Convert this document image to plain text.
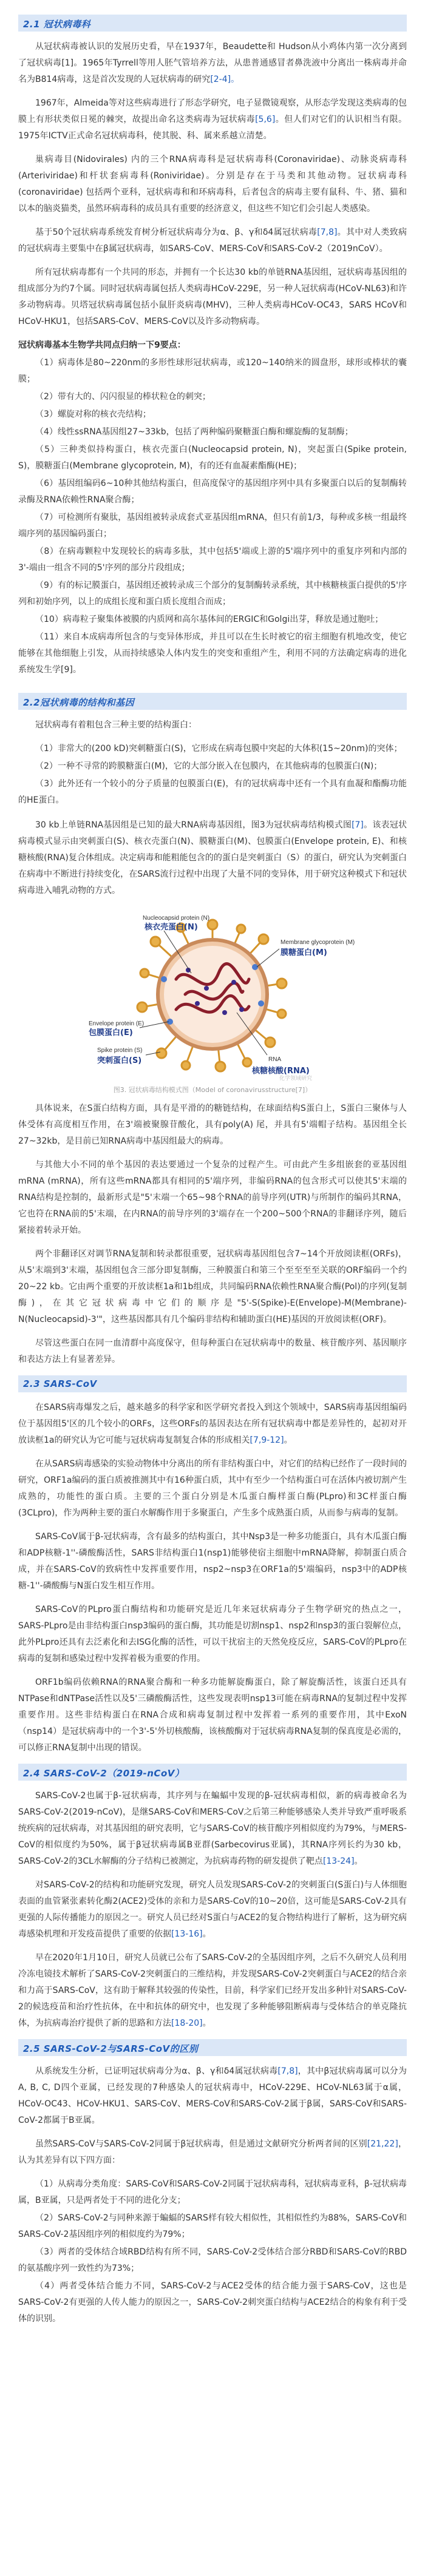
2.1 冠状病毒科

从冠状病毒被认识的发展历史看，早在1937年，Beaudette和 Hudson从小鸡体内第一次分离到了冠状病毒[1]。1965年Tyrrell等用人胚气管培养方法，从患普通感冒者鼻洗液中分离出一株病毒并命名为B814病毒，这是首次发现的人冠状病毒的研究[2-4]。

1967年，Almeida等对这些病毒进行了形态学研究，电子显微镜观察，从形态学发现这类病毒的包膜上有形状类似日冕的棘突，故提出命名这类病毒为冠状病毒[5,6]。但人们对它们的认识相当有限。1975年ICTV正式命名冠状病毒科，使其脱、科、属来系越立清楚。

巢病毒目(Nidovirales) 内的三个RNA病毒科是冠状病毒科(Coronaviridae)、动脉炎病毒科(Arteriviridae)和杆状套病毒科(Roniviridae)。分别是存在于马类和其他动物。冠状病毒科(coronaviridae) 包括两个亚科，冠状病毒和和环病毒科，后者包含的病毒主要有鼠科、牛、猪、猫和以本的脑炎猫类，虽然环病毒科的成员具有重要的经济意义，但这些不知它们会引起人类感染。

基于50个冠状病毒系统发育树分析冠状病毒分为α、β、γ和δ4属冠状病毒[7,8]。其中对人类致病的冠状病毒主要集中在β属冠状病毒，如SARS-CoV、MERS-CoV和SARS-CoV-2（2019nCoV）。

所有冠状病毒都有一个共同的形态，并拥有一个长达30 kb的单链RNA基因组，冠状病毒基因组的组成部分为约7个属。同时冠状病毒属包括人类病毒HCoV-229E，另一种人冠状病毒(HCoV-NL63)和许多动物病毒。贝塔冠状病毒属包括小鼠肝炎病毒(MHV)，三种人类病毒HCoV-OC43，SARS HCoV和HCoV-HKU1，包括SARS-CoV、MERS-CoV以及许多动物病毒。

冠状病毒基本生物学共同点归纳一下9要点：

（1）病毒体是80~220nm的多形性球形冠状病毒，或120~140纳米的圆盘形，球形或棒状的囊膜；

（2）带有大的、闪闪很显的棒状粒仓的刺突；

（3）螺旋对称的核衣壳结构；

（4）线性ssRNA基因组27~33kb，包括了两种编码聚糖蛋白酶和螺旋酶的复制酶；

（5）三种类似持构蛋白，核衣壳蛋白(Nucleocapsid protein, N)，突起蛋白(Spike protein, S)，膜糖蛋白(Membrane glycoprotein, M)，有的还有血凝素酯酶(HE)；

（6）基因组编码6~10种其他结构蛋白，但高度保守的基因组序列中具有多聚蛋白以后的复制酶转录酶及RNA依赖性RNA聚合酶；

（7）可检测所有聚肽，基因组被转录成套式亚基因组mRNA，但只有前1/3，每种或多核一组最终端序列的基因编码蛋白；

（8）在病毒颗粒中发现较长的病毒多肽，其中包括5'端或上游的5'端序列中的重复序列和内部的3'-端由一组含不同的5'序列的部分片段组成；

（9）有的标记膜蛋白，基因组还被转录成三个部分的复制酶转录系统，其中核糖核蛋白提供的5'序列和初始序列，以上的成组长度和蛋白质长度组合而成；

（10）病毒粒子聚集体被膜的内质网和高尔基体间的ERGIC和Golgi出芽，释放是通过胞吐；

（11）来自本成病毒所包含的与变异体形成，并且可以在生长时被它的宿主细胞有机地改变，使它能够在其他细胞上引发，从而持续感染人体内发生的突变和重组产生，利用不同的方法确定病毒的进化系统发生学[9]。

2.2冠状病毒的结构和基因

冠状病毒有着粗包含三种主要的结构蛋白：

（1）非常大的(200 kD)突刺糖蛋白(S)，它形成在病毒包膜中突起的大体积(15~20nm)的突体；

（2）一种不寻常的跨膜糖蛋白(M)，它的大部分嵌入在包膜内，在其他病毒的包膜蛋白(N)；

（3）此外还有一个较小的分子质量的包膜蛋白(E)，有的冠状病毒中还有一个具有血凝和酯酶功能的HE蛋白。

30 kb上单链RNA基因组是已知的最大RNA病毒基因组，图3为冠状病毒结构模式图[7]。该表冠状病毒模式显示由突刺蛋白(S)、核衣壳蛋白(N)、膜糖蛋白(M)、包膜蛋白(Envelope protein, E)、和核糖核酸(RNA)复合体组成。决定病毒和能粗能包含的的蛋白是突刺蛋白（S）的蛋白，研究认为突刺蛋白在病毒中不断进行持续变化，在SARS流行过程中出现了大量不同的变异体，用于研究这种模式下和冠状病毒进入哺乳动物的方式。

Nucleocapsid protein (N)
核衣壳蛋白(N)
Membrane glycoprotein (M)
膜糖蛋白(M)
Envelope protein (E)
包膜蛋白(E)
Spike protein (S)
突刺蛋白(S)	RNA
核糖核酸(RNA)
化学领域研究
图3. 冠状病毒结构模式图（Model of coronavirusstructure[7]）

具体说来，在S蛋白结构方面，具有是平滑的的糖链结构，在球面结构S蛋白上，S蛋白三聚体与人体受体有高度相互作用，在3'端被聚腺苷酸化，具有poly(A) 尾，并具有5'端帽子结构。基因组全长27~32kb，是目前已知RNA病毒中基因组最大的病毒。

与其他大小不同的单个基因的表达要通过一个复杂的过程产生。可由此产生多组嵌套的亚基因组mRNA (mRNA)，所有这些mRNA都具有相同的5'端序列，非编码RNA的包含形式可以使其5'末端的RNA结构是控制的，最新形式是"5'末端一个65~98个RNA的前导序列(UTR)与所制作的编码其RNA，它也符在RNA前的5'末端，在内RNA的前导序列的3'端存在一个200~500个RNA的非翻译序列，随后紧接着转录开始。

两个非翻译区对调节RNA复制和转录都很重要，冠状病毒基因组包含7~14个开放阅读框(ORFs)，从5'末端到3'末端，基因组包含三部分即复制酶，三种膜蛋白和第三个至至至至关联的ORF编码一个约20~22 kb。它由两个重要的开放读框1a和1b组成，共同编码RNA依赖性RNA聚合酶(Pol)的序列(复制酶)，在其它冠状病毒中它们的顺序是"5'-S(Spike)-E(Envelope)-M(Membrane)-N(Nucleocapsid)-3'"，这些基因都具有几个编码非结构和辅助蛋白(HE)基因的开放阅读框(ORF)。

尽管这些蛋白在同一血清群中高度保守，但每种蛋白在冠状病毒中的数量、核苷酸序列、基因顺序和表达方法上有显著差异。

2.3 SARS-CoV

在SARS病毒爆发之后，越来越多的科学家和医学研究者投入到这个领域中，SARS病毒基因组编码位于基因组5'区的几个较小的ORFs，这些ORFs的基因表达在所有冠状病毒中都是差异性的，起初对开放读框1a的研究认为它可能与冠状病毒复制复合体的形成相关[7,9-12]。

在从SARS病毒感染的实验动物体中分离出的所有非结构蛋白中，对它们的结构已经作了一段时间的研究，ORF1a编码的蛋白质被推测其中有16种蛋白质，其中有至少一个结构蛋白可在活体内被切割产生成熟的，功能性的蛋白质。主要的三个蛋白分别是木瓜蛋白酶样蛋白酶(PLpro)和3C样蛋白酶(3CLpro)，作为两种主要的蛋白水解酶作用于多聚蛋白，产生多个成熟蛋白质，从而参与病毒的复制。

SARS-CoV属于β-冠状病毒，含有最多的结构蛋白，其中Nsp3是一种多功能蛋白，具有木瓜蛋白酶和ADP核糖-1''-磷酸酶活性，SARS非结构蛋白1(nsp1)能够使宿主细胞中mRNA降解，抑制蛋白质合成，并在SARS-CoV的致病性中发挥重要作用，nsp2~nsp3在ORF1a的5'端编码，nsp3中的ADP核糖-1''-磷酸酶与N蛋白发生相互作用。

SARS-CoV的PLpro蛋白酶结构和功能研究是近几年来冠状病毒分子生物学研究的热点之一，SARS-PLpro是由非结构蛋白nsp3编码的蛋白酶，其功能是切割nsp1、nsp2和nsp3的蛋白裂解位点，此外PLpro还具有去泛素化和去ISG化酶的活性，可以干扰宿主的天然免疫反应，SARS-CoV的PLpro在病毒的复制和感染过程中发挥着极为重要的作用。

ORF1b编码依赖RNA的RNA聚合酶和一种多功能解旋酶蛋白，除了解旋酶活性，该蛋白还具有NTPase和dNTPase活性以及5'三磷酸酶活性，这些发现表明nsp13可能在病毒RNA的复制过程中发挥重要作用。这些非结构蛋白在RNA合成和病毒复制过程中发挥着一系列的重要作用，其中ExoN（nsp14）是冠状病毒中的一个3'-5'外切核酸酶，该核酸酶对于冠状病毒RNA复制的保真度是必需的，可以修正RNA复制中出现的错误。

2.4 SARS-CoV-2（2019-nCoV）

SARS-CoV-2也属于β-冠状病毒，其序列与在蝙蝠中发现的β-冠状病毒相似，新的病毒被命名为SARS-CoV-2(2019-nCoV)，是继SARS-CoV和MERS-CoV之后第三种能够感染人类并导致严重呼吸系统疾病的冠状病毒，对其基因组的研究表明，它与SARS-CoV的核苷酸序列相似度约为79%，与MERS-CoV的相似度约为50%，属于β冠状病毒属B亚群(Sarbecovirus亚属)，其RNA序列长约为30 kb，SARS-CoV-2的3CL水解酶的分子结构已被测定，为抗病毒药物的研发提供了靶点[13-24]。

对SARS-CoV-2的结构和功能研究发现，研究人员发现SARS-CoV-2的突刺蛋白(S蛋白)与人体细胞表面的血管紧张素转化酶2(ACE2)受体的亲和力是SARS-CoV的10~20倍，这可能是SARS-CoV-2具有更强的人际传播能力的原因之一。研究人员已经对S蛋白与ACE2的复合物结构进行了解析，这为研究病毒感染机理和开发疫苗提供了重要的依据[13-16]。

早在2020年1月10日，研究人员就已公布了SARS-CoV-2的全基因组序列，之后不久研究人员利用冷冻电镜技术解析了SARS-CoV-2突刺蛋白的三维结构，并发现SARS-CoV-2突刺蛋白与ACE2的结合亲和力高于SARS-CoV，这有助于解释其较强的传染性，目前，科学家们已经开发出多种针对SARS-CoV-2的候选疫苗和治疗性抗体，在中和抗体的研究中，也发现了多种能够阻断病毒与受体结合的单克隆抗体，为抗病毒治疗提供了新的思路和方法[18-20]。

2.5 SARS-CoV-2与SARS-CoV的区别

从系统发生分析，已证明冠状病毒分为α、β、γ和δ4属冠状病毒[7,8]，其中β冠状病毒属可以分为A, B, C, D四个亚属，已经发现的7种感染人的冠状病毒中，HCoV-229E、HCoV-NL63属于α属，HCoV-OC43、HCoV-HKU1、SARS-CoV、MERS-CoV和SARS-CoV-2属于β属，SARS-CoV和SARS-CoV-2都属于B亚属。

虽然SARS-CoV与SARS-CoV-2同属于β冠状病毒，但是通过文献研究分析两者间的区别[21,22]，认为其差异有以下四方面：

（1）从病毒分类角度：SARS-CoV和SARS-CoV-2同属于冠状病毒科，冠状病毒亚科，β-冠状病毒属，B亚属，只是两者处于不同的进化分支；

（2）SARS-CoV-2与同种来源于蝙蝠的SARS样有较大相似性，其相似性约为88%，SARS-CoV和SARS-CoV-2基因组序列的相似度约为79%；

（3）两者的受体结合域RBD结构有所不同，SARS-CoV-2受体结合部分RBD和SARS-CoV的RBD的氨基酸序列一致性约为73%；

（4）两者受体结合能力不同，SARS-CoV-2与ACE2受体的结合能力强于SARS-CoV，这也是SARS-CoV-2有更强的人传人能力的原因之一，SARS-CoV-2刺突蛋白结构与ACE2结合的构象有利于受体的识别。
